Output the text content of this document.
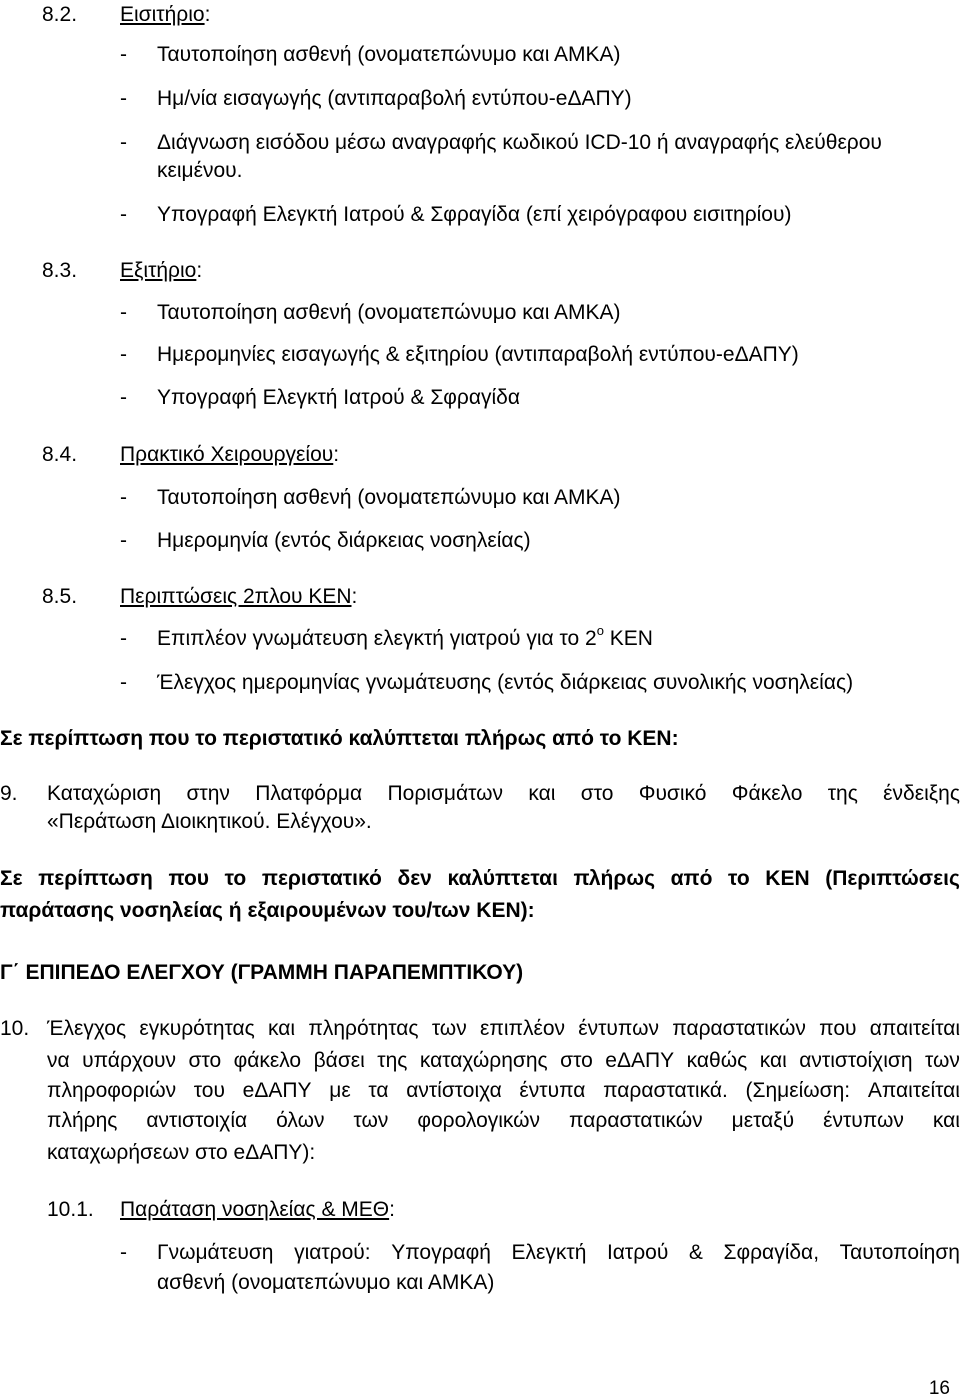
8.2. Εισιτήριο:
- Ταυτοποίηση ασθενή (ονοματεπώνυμο και ΑΜΚΑ)
- Ημ/νία εισαγωγής (αντιπαραβολή εντύπου-eΔΑΠΥ)
- Διάγνωση εισόδου μέσω αναγραφής κωδικού ICD-10 ή αναγραφής ελεύθερου
κειμένου.
- Υπογραφή Ελεγκτή Ιατρού & Σφραγίδα (επί χειρόγραφου εισιτηρίου)
8.3. Εξιτήριο:
- Ταυτοποίηση ασθενή (ονοματεπώνυμο και ΑΜΚΑ)
- Ημερομηνίες εισαγωγής & εξιτηρίου (αντιπαραβολή εντύπου-eΔΑΠΥ)
- Υπογραφή Ελεγκτή Ιατρού & Σφραγίδα
8.4. Πρακτικό Χειρουργείου:
- Ταυτοποίηση ασθενή (ονοματεπώνυμο και ΑΜΚΑ)
- Ημερομηνία (εντός διάρκειας νοσηλείας)
8.5. Περιπτώσεις 2πλου ΚΕΝ:
- Επιπλέον γνωμάτευση ελεγκτή γιατρού για το $2^o$ ΚΕΝ
- Έλεγχος ημερομηνίας γνωμάτευσης (εντός διάρκειας συνολικής νοσηλείας)
Σε περίπτωση που το περιστατικό καλύπτεται πλήρως από το ΚΕΝ:
9. Καταχώριση στην Πλατφόρμα Πορισμάτων και στο Φυσικό Φάκελο της ένδειξης
«Περάτωση Διοικητικού. Ελέγχου».
Σε περίπτωση που το περιστατικό δεν καλύπτεται πλήρως από το ΚΕΝ (Περιπτώσεις
παράτασης νοσηλείας ή εξαιρουμένων του/των ΚΕΝ):
Γ΄ ΕΠΙΠΕΔΟ ΕΛΕΓΧΟΥ (ΓΡΑΜΜΗ ΠΑΡΑΠΕΜΠΤΙΚΟΥ)
10. Έλεγχος εγκυρότητας και πληρότητας των επιπλέον έντυπων παραστατικών που απαιτείται
να υπάρχουν στο φάκελο βάσει της καταχώρησης στο eΔΑΠΥ καθώς και αντιστοίχιση των
πληροφοριών του eΔΑΠΥ με τα αντίστοιχα έντυπα παραστατικά. (Σημείωση: Απαιτείται
πλήρης αντιστοιχία όλων των φορολογικών παραστατικών μεταξύ έντυπων και
καταχωρήσεων στο eΔΑΠΥ):
10.1. Παράταση νοσηλείας & ΜΕΘ:
- Γνωμάτευση γιατρού: Υπογραφή Ελεγκτή Ιατρού & Σφραγίδα, Ταυτοποίηση
ασθενή (ονοματεπώνυμο και ΑΜΚΑ)
16
